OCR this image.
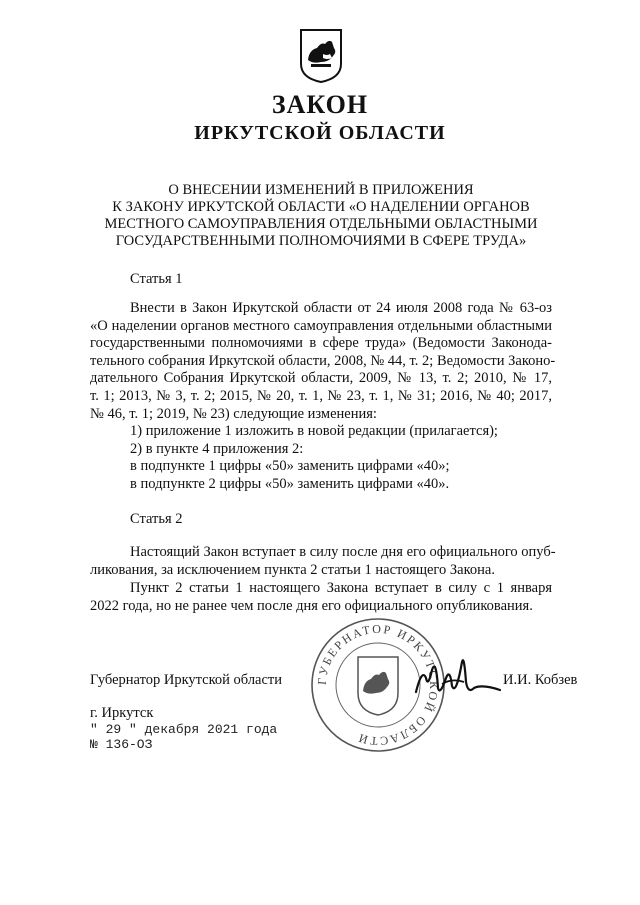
ЗАКОН
ИРКУТСКОЙ ОБЛАСТИ
О ВНЕСЕНИИ ИЗМЕНЕНИЙ В ПРИЛОЖЕНИЯ
К ЗАКОНУ ИРКУТСКОЙ ОБЛАСТИ «О НАДЕЛЕНИИ ОРГАНОВ
МЕСТНОГО САМОУПРАВЛЕНИЯ ОТДЕЛЬНЫМИ ОБЛАСТНЫМИ
ГОСУДАРСТВЕННЫМИ ПОЛНОМОЧИЯМИ В СФЕРЕ ТРУДА»
Статья 1
Внести в Закон Иркутской области от 24 июля 2008 года № 63-оз
«О наделении органов местного самоуправления отдельными областными
государственными полномочиями в сфере труда» (Ведомости Законода-
тельного собрания Иркутской области, 2008, № 44, т. 2; Ведомости Законо-
дательного Собрания Иркутской области, 2009, № 13, т. 2; 2010, № 17,
т. 1; 2013, № 3, т. 2; 2015, № 20, т. 1, № 23, т. 1, № 31; 2016, № 40; 2017,
№ 46, т. 1; 2019, № 23) следующие изменения:
1) приложение 1 изложить в новой редакции (прилагается);
2) в пункте 4 приложения 2:
в подпункте 1 цифры «50» заменить цифрами «40»;
в подпункте 2 цифры «50» заменить цифрами «40».
Статья 2
Настоящий Закон вступает в силу после дня его официального опуб-
ликования, за исключением пункта 2 статьи 1 настоящего Закона.
Пункт 2 статьи 1 настоящего Закона вступает в силу с 1 января
2022 года, но не ранее чем после дня его официального опубликования.
ГУБЕРНАТОР ИРКУТСКОЙ ОБЛАСТИ
Губернатор Иркутской области	И.И. Кобзев
г. Иркутск
" 29 " декабря 2021 года
№ 136-ОЗ
